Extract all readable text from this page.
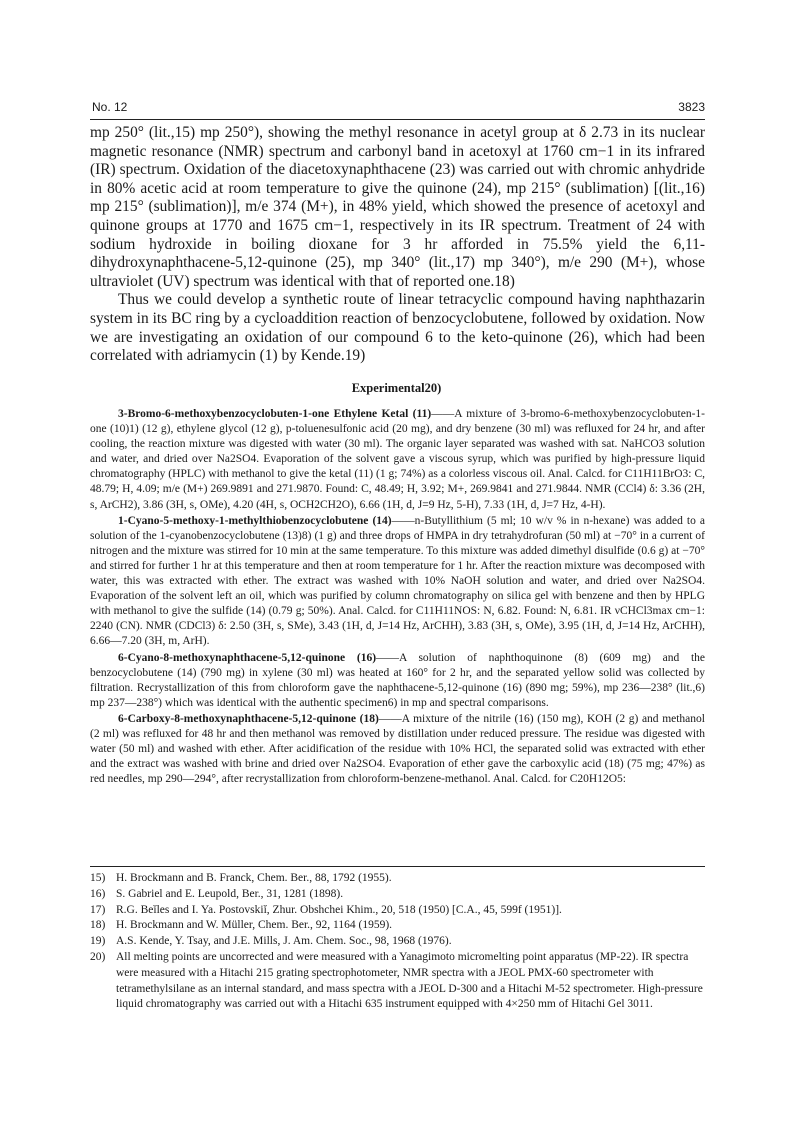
No. 12	3823

mp 250° (lit.,15) mp 250°), showing the methyl resonance in acetyl group at δ 2.73 in its nuclear magnetic resonance (NMR) spectrum and carbonyl band in acetoxyl at 1760 cm−1 in its infrared (IR) spectrum. Oxidation of the diacetoxynaphthacene (23) was carried out with chromic anhydride in 80% acetic acid at room temperature to give the quinone (24), mp 215° (sublimation) [(lit.,16) mp 215° (sublimation)], m/e 374 (M+), in 48% yield, which showed the presence of acetoxyl and quinone groups at 1770 and 1675 cm−1, respectively in its IR spectrum. Treatment of 24 with sodium hydroxide in boiling dioxane for 3 hr afforded in 75.5% yield the 6,11-dihydroxynaphthacene-5,12-quinone (25), mp 340° (lit.,17) mp 340°), m/e 290 (M+), whose ultraviolet (UV) spectrum was identical with that of reported one.18)

Thus we could develop a synthetic route of linear tetracyclic compound having naphthazarin system in its BC ring by a cycloaddition reaction of benzocyclobutene, followed by oxidation. Now we are investigating an oxidation of our compound 6 to the keto-quinone (26), which had been correlated with adriamycin (1) by Kende.19)

Experimental20)

3-Bromo-6-methoxybenzocyclobuten-1-one Ethylene Ketal (11)——A mixture of 3-bromo-6-methoxybenzocyclobuten-1-one (10)1) (12 g), ethylene glycol (12 g), p-toluenesulfonic acid (20 mg), and dry benzene (30 ml) was refluxed for 24 hr, and after cooling, the reaction mixture was digested with water (30 ml). The organic layer separated was washed with sat. NaHCO3 solution and water, and dried over Na2SO4. Evaporation of the solvent gave a viscous syrup, which was purified by high-pressure liquid chromatography (HPLC) with methanol to give the ketal (11) (1 g; 74%) as a colorless viscous oil. Anal. Calcd. for C11H11BrO3: C, 48.79; H, 4.09; m/e (M+) 269.9891 and 271.9870. Found: C, 48.49; H, 3.92; M+, 269.9841 and 271.9844. NMR (CCl4) δ: 3.36 (2H, s, ArCH2), 3.86 (3H, s, OMe), 4.20 (4H, s, OCH2CH2O), 6.66 (1H, d, J=9 Hz, 5-H), 7.33 (1H, d, J=7 Hz, 4-H).

1-Cyano-5-methoxy-1-methylthiobenzocyclobutene (14)——n-Butyllithium (5 ml; 10 w/v % in n-hexane) was added to a solution of the 1-cyanobenzocyclobutene (13)8) (1 g) and three drops of HMPA in dry tetrahydrofuran (50 ml) at −70° in a current of nitrogen and the mixture was stirred for 10 min at the same temperature. To this mixture was added dimethyl disulfide (0.6 g) at −70° and stirred for further 1 hr at this temperature and then at room temperature for 1 hr. After the reaction mixture was decomposed with water, this was extracted with ether. The extract was washed with 10% NaOH solution and water, and dried over Na2SO4. Evaporation of the solvent left an oil, which was purified by column chromatography on silica gel with benzene and then by HPLG with methanol to give the sulfide (14) (0.79 g; 50%). Anal. Calcd. for C11H11NOS: N, 6.82. Found: N, 6.81. IR νCHCl3max cm−1: 2240 (CN). NMR (CDCl3) δ: 2.50 (3H, s, SMe), 3.43 (1H, d, J=14 Hz, ArCHH), 3.83 (3H, s, OMe), 3.95 (1H, d, J=14 Hz, ArCHH), 6.66—7.20 (3H, m, ArH).

6-Cyano-8-methoxynaphthacene-5,12-quinone (16)——A solution of naphthoquinone (8) (609 mg) and the benzocyclobutene (14) (790 mg) in xylene (30 ml) was heated at 160° for 2 hr, and the separated yellow solid was collected by filtration. Recrystallization of this from chloroform gave the naphthacene-5,12-quinone (16) (890 mg; 59%), mp 236—238° (lit.,6) mp 237—238°) which was identical with the authentic specimen6) in mp and spectral comparisons.

6-Carboxy-8-methoxynaphthacene-5,12-quinone (18)——A mixture of the nitrile (16) (150 mg), KOH (2 g) and methanol (2 ml) was refluxed for 48 hr and then methanol was removed by distillation under reduced pressure. The residue was digested with water (50 ml) and washed with ether. After acidification of the residue with 10% HCl, the separated solid was extracted with ether and the extract was washed with brine and dried over Na2SO4. Evaporation of ether gave the carboxylic acid (18) (75 mg; 47%) as red needles, mp 290—294°, after recrystallization from chloroform-benzene-methanol. Anal. Calcd. for C20H12O5:

15) H. Brockmann and B. Franck, Chem. Ber., 88, 1792 (1955).
16) S. Gabriel and E. Leupold, Ber., 31, 1281 (1898).
17) R.G. Beĭles and I. Ya. Postovskiĭ, Zhur. Obshchei Khim., 20, 518 (1950) [C.A., 45, 599f (1951)].
18) H. Brockmann and W. Müller, Chem. Ber., 92, 1164 (1959).
19) A.S. Kende, Y. Tsay, and J.E. Mills, J. Am. Chem. Soc., 98, 1968 (1976).
20) All melting points are uncorrected and were measured with a Yanagimoto micromelting point apparatus (MP-22). IR spectra were measured with a Hitachi 215 grating spectrophotometer, NMR spectra with a JEOL PMX-60 spectrometer with tetramethylsilane as an internal standard, and mass spectra with a JEOL D-300 and a Hitachi M-52 spectrometer. High-pressure liquid chromatography was carried out with a Hitachi 635 instrument equipped with 4×250 mm of Hitachi Gel 3011.
